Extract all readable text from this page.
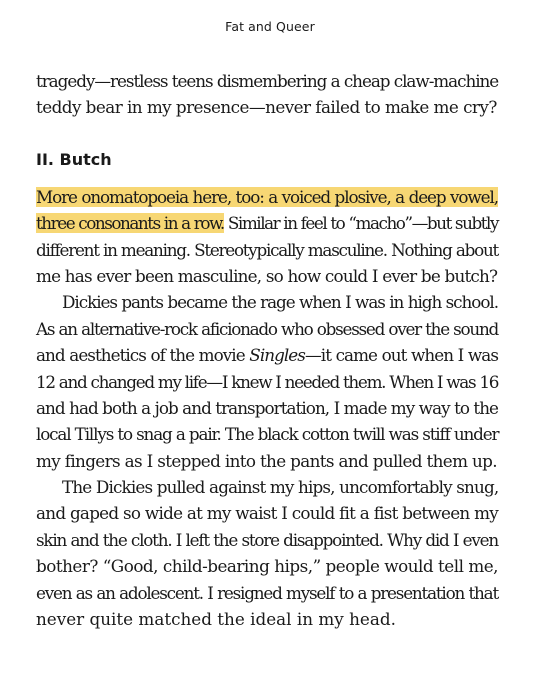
Fat and Queer
tragedy—restless teens dismembering a cheap claw-machine
teddy bear in my presence—never failed to make me cry?
II. Butch
More onomatopoeia here, too: a voiced plosive, a deep vowel,
three consonants in a row. Similar in feel to “macho”—but subtly
different in meaning. Stereotypically masculine. Nothing about
me has ever been masculine, so how could I ever be butch?
Dickies pants became the rage when I was in high school.
As an alternative-rock aficionado who obsessed over the sound
and aesthetics of the movie Singles—it came out when I was
12 and changed my life—I knew I needed them. When I was 16
and had both a job and transportation, I made my way to the
local Tillys to snag a pair. The black cotton twill was stiff under
my fingers as I stepped into the pants and pulled them up.
The Dickies pulled against my hips, uncomfortably snug,
and gaped so wide at my waist I could fit a fist between my
skin and the cloth. I left the store disappointed. Why did I even
bother? “Good, child-bearing hips,” people would tell me,
even as an adolescent. I resigned myself to a presentation that
never quite matched the ideal in my head.
